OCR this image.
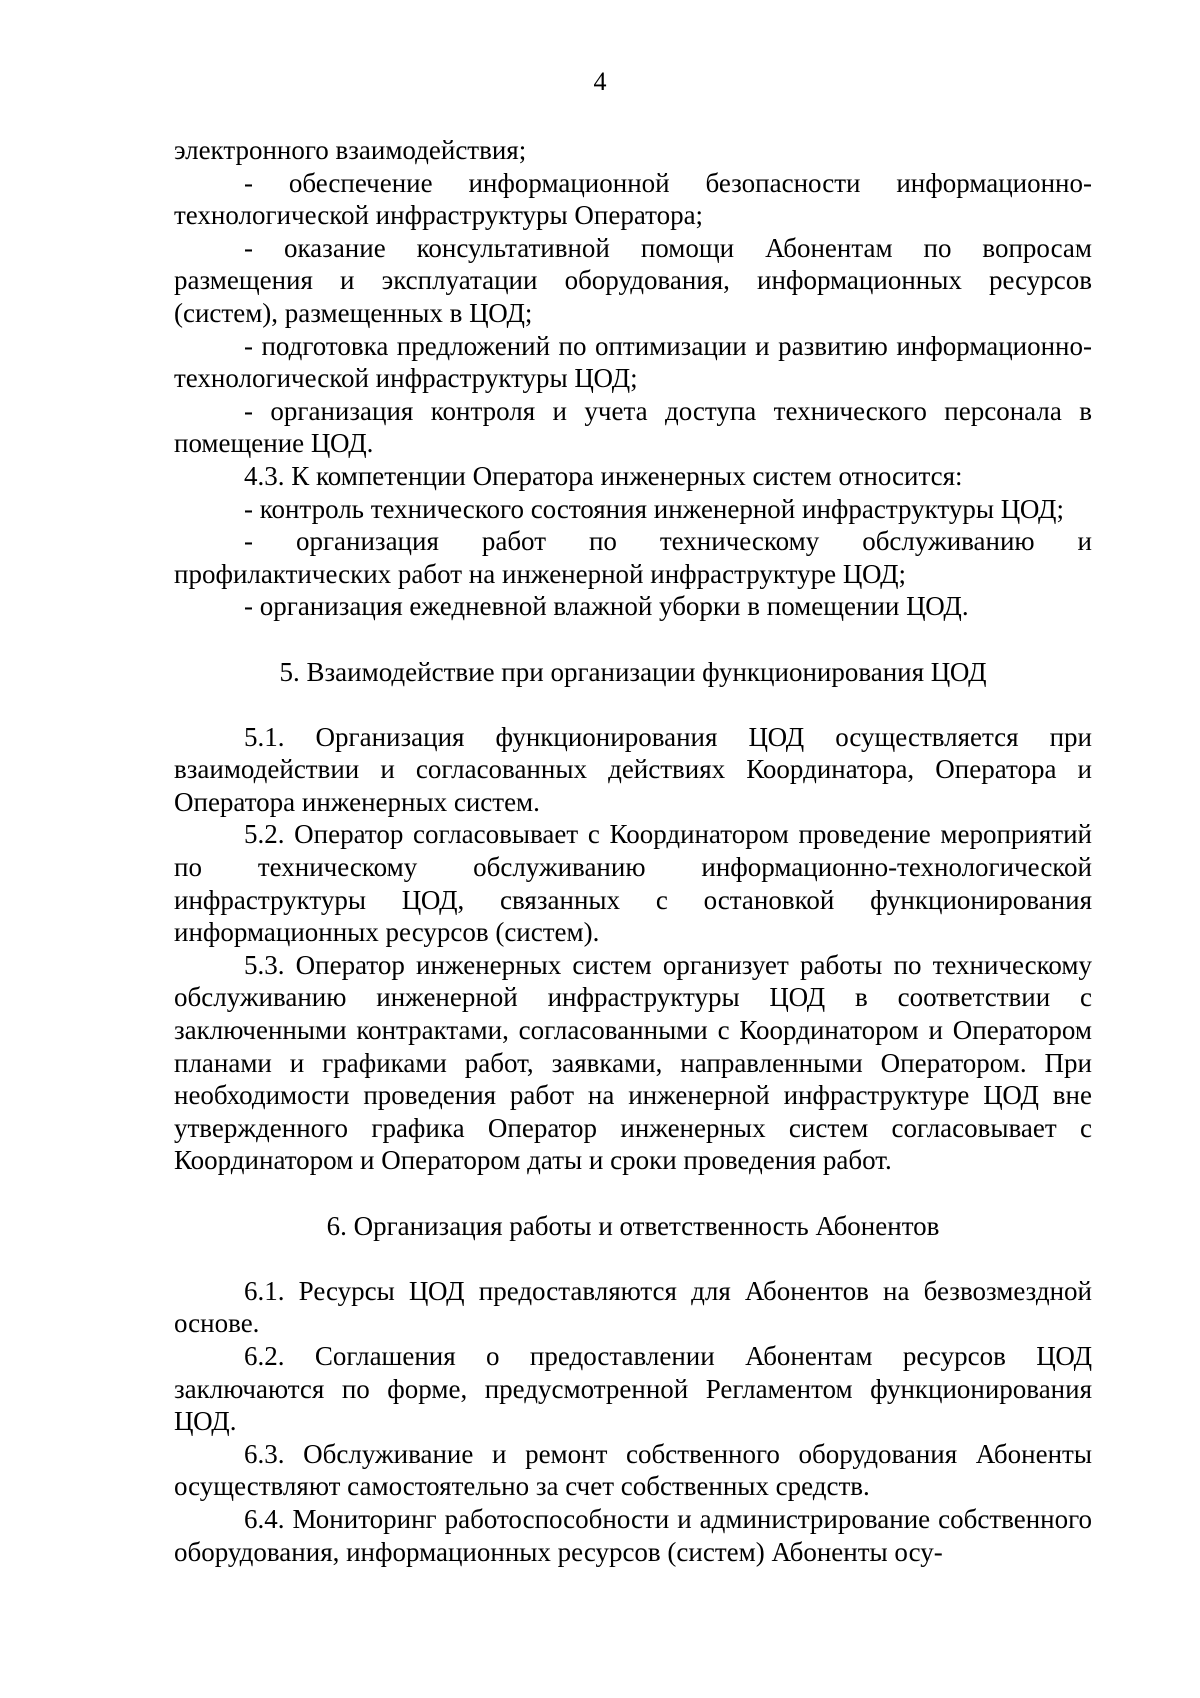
4

электронного взаимодействия;

- обеспечение информационной безопасности информационно-технологической инфраструктуры Оператора;

- оказание консультативной помощи Абонентам по вопросам размещения и эксплуатации оборудования, информационных ресурсов (систем), размещенных в ЦОД;

- подготовка предложений по оптимизации и развитию информационно-технологической инфраструктуры ЦОД;

- организация контроля и учета доступа технического персонала в помещение ЦОД.

4.3. К компетенции Оператора инженерных систем относится:

- контроль технического состояния инженерной инфраструктуры ЦОД;

- организация работ по техническому обслуживанию и профилактических работ на инженерной инфраструктуре ЦОД;

- организация ежедневной влажной уборки в помещении ЦОД.

5. Взаимодействие при организации функционирования ЦОД

5.1. Организация функционирования ЦОД осуществляется при взаимодействии и согласованных действиях Координатора, Оператора и Оператора инженерных систем.

5.2. Оператор согласовывает с Координатором проведение мероприятий по техническому обслуживанию информационно-технологической инфраструктуры ЦОД, связанных с остановкой функционирования информационных ресурсов (систем).

5.3. Оператор инженерных систем организует работы по техническому обслуживанию инженерной инфраструктуры ЦОД в соответствии с заключенными контрактами, согласованными с Координатором и Оператором планами и графиками работ, заявками, направленными Оператором. При необходимости проведения работ на инженерной инфраструктуре ЦОД вне утвержденного графика Оператор инженерных систем согласовывает с Координатором и Оператором даты и сроки проведения работ.

6. Организация работы и ответственность Абонентов

6.1. Ресурсы ЦОД предоставляются для Абонентов на безвозмездной основе.

6.2. Соглашения о предоставлении Абонентам ресурсов ЦОД заключаются по форме, предусмотренной Регламентом функционирования ЦОД.

6.3. Обслуживание и ремонт собственного оборудования Абоненты осуществляют самостоятельно за счет собственных средств.

6.4. Мониторинг работоспособности и администрирование собственного оборудования, информационных ресурсов (систем) Абоненты осу-
